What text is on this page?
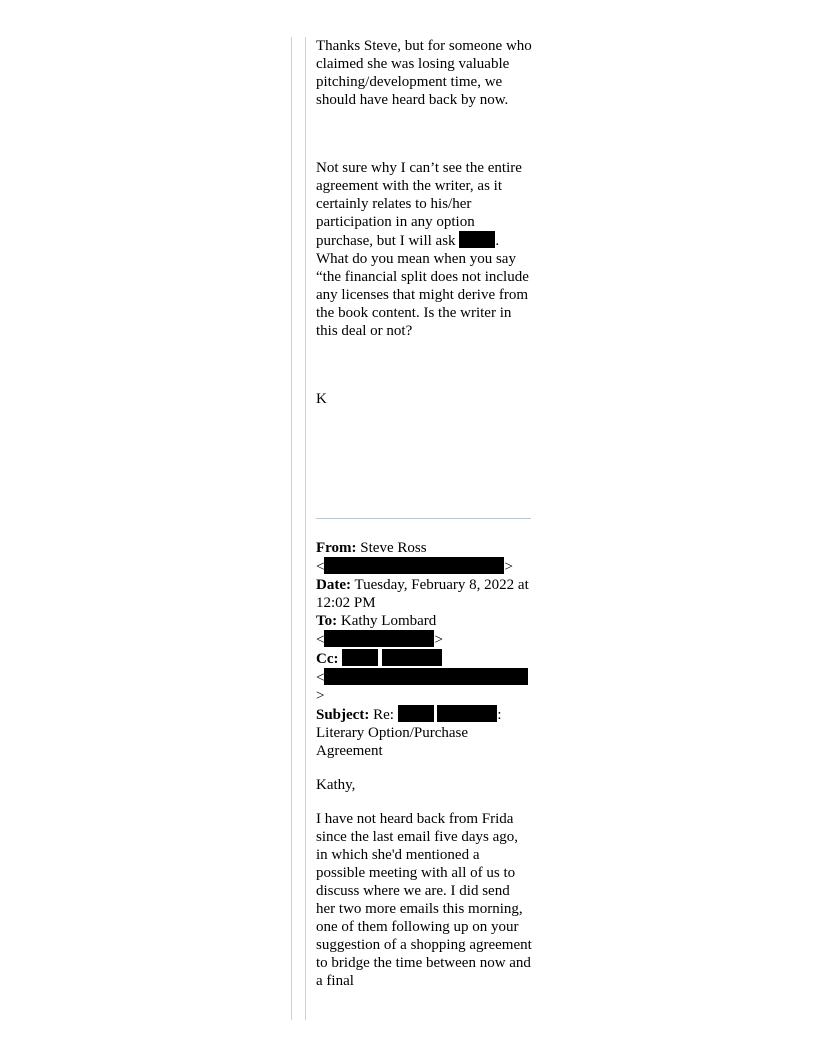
Thanks Steve, but for someone who claimed she was losing valuable pitching/development time, we should have heard back by now.

Not sure why I can’t see the entire agreement with the writer, as it certainly relates to his/her participation in any option purchase, but I will ask	. What do you mean when you say “the financial split does not include any licenses that might derive from the book content. Is the writer in this deal or not?

K

From: Steve Ross
<	>
Date: Tuesday, February 8, 2022 at 12:02 PM
To: Kathy Lombard
<	>
Cc:
<
>
Subject: Re:	: Literary Option/Purchase Agreement

Kathy,

I have not heard back from Frida since the last email five days ago, in which she'd mentioned a possible meeting with all of us to discuss where we are. I did send her two more emails this morning, one of them following up on your suggestion of a shopping agreement to bridge the time between now and a final
